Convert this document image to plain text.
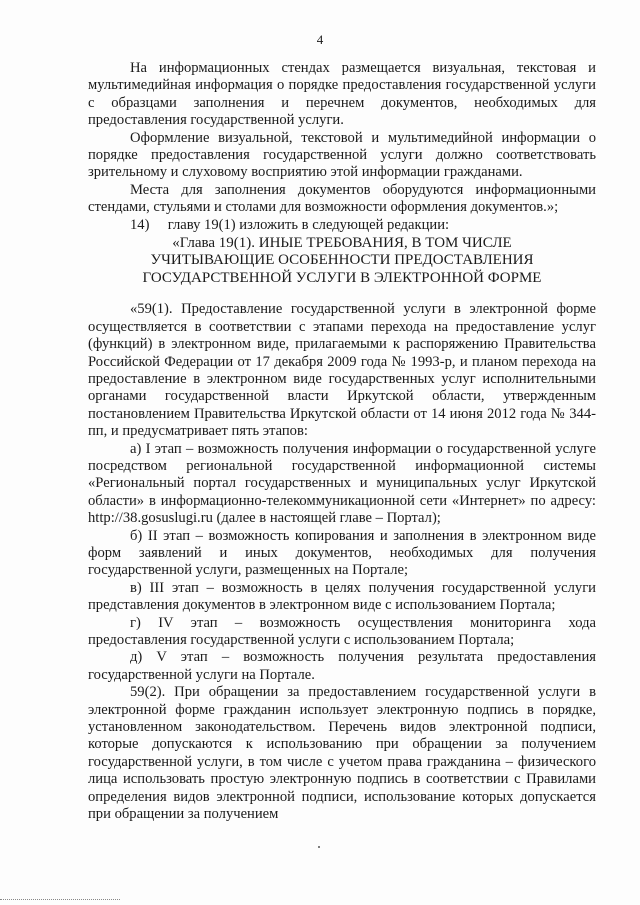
4

На информационных стендах размещается визуальная, текстовая и мультимедийная информация о порядке предоставления государственной услуги с образцами заполнения и перечнем документов, необходимых для предоставления государственной услуги.

Оформление визуальной, текстовой и мультимедийной информации о порядке предоставления государственной услуги должно соответствовать зрительному и слуховому восприятию этой информации гражданами.

Места для заполнения документов оборудуются информационными стендами, стульями и столами для возможности оформления документов.»;

14)     главу 19(1) изложить в следующей редакции:

«Глава 19(1). ИНЫЕ ТРЕБОВАНИЯ, В ТОМ ЧИСЛЕ

УЧИТЫВАЮЩИЕ ОСОБЕННОСТИ ПРЕДОСТАВЛЕНИЯ

ГОСУДАРСТВЕННОЙ УСЛУГИ В ЭЛЕКТРОННОЙ ФОРМЕ

«59(1). Предоставление государственной услуги в электронной форме осуществляется в соответствии с этапами перехода на предоставление услуг (функций) в электронном виде, прилагаемыми к распоряжению Правительства Российской Федерации от 17 декабря 2009 года № 1993-р, и планом перехода на предоставление в электронном виде государственных услуг исполнительными органами государственной власти Иркутской области, утвержденным постановлением Правительства Иркутской области от 14 июня 2012 года № 344-пп, и предусматривает пять этапов:

а) I этап – возможность получения информации о государственной услуге посредством региональной государственной информационной системы «Региональный портал государственных и муниципальных услуг Иркутской области» в информационно-телекоммуникационной сети «Интернет» по адресу: http://38.gosuslugi.ru (далее в настоящей главе – Портал);

б) II этап – возможность копирования и заполнения в электронном виде форм заявлений и иных документов, необходимых для получения государственной услуги, размещенных на Портале;

в) III этап – возможность в целях получения государственной услуги представления документов в электронном виде с использованием Портала;

г) IV этап – возможность осуществления мониторинга хода предоставления государственной услуги с использованием Портала;

д) V этап – возможность получения результата предоставления государственной услуги на Портале.

59(2). При обращении за предоставлением государственной услуги в электронной форме гражданин использует электронную подпись в порядке, установленном законодательством. Перечень видов электронной подписи, которые допускаются к использованию при обращении за получением государственной услуги, в том числе с учетом права гражданина – физического лица использовать простую электронную подпись в соответствии с Правилами определения видов электронной подписи, использование которых допускается при обращении за получением
